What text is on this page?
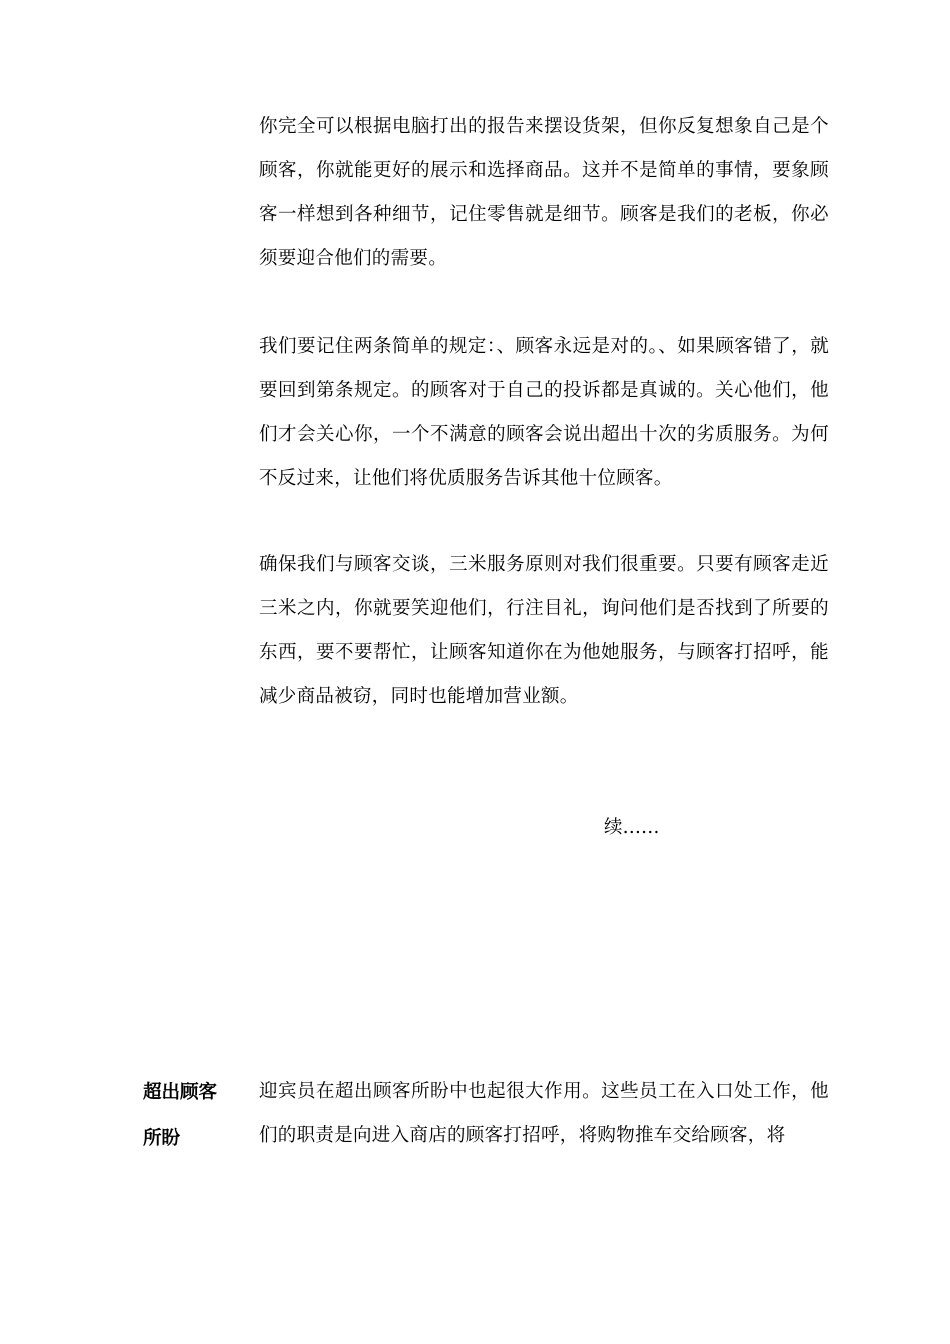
你完全可以根据电脑打出的报告来摆设货架，但你反复想象自己是个顾客，你就能更好的展示和选择商品。这并不是简单的事情，要象顾客一样想到各种细节，记住零售就是细节。顾客是我们的老板，你必须要迎合他们的需要。

我们要记住两条简单的规定：、顾客永远是对的。、如果顾客错了，就要回到第条规定。的顾客对于自己的投诉都是真诚的。关心他们，他们才会关心你，一个不满意的顾客会说出超出十次的劣质服务。为何不反过来，让他们将优质服务告诉其他十位顾客。

确保我们与顾客交谈，三米服务原则对我们很重要。只要有顾客走近三米之内，你就要笑迎他们，行注目礼，询问他们是否找到了所要的东西，要不要帮忙，让顾客知道你在为他她服务，与顾客打招呼，能减少商品被窃，同时也能增加营业额。

续……

超出顾客所盼

迎宾员在超出顾客所盼中也起很大作用。这些员工在入口处工作，他们的职责是向进入商店的顾客打招呼，将购物推车交给顾客，将
